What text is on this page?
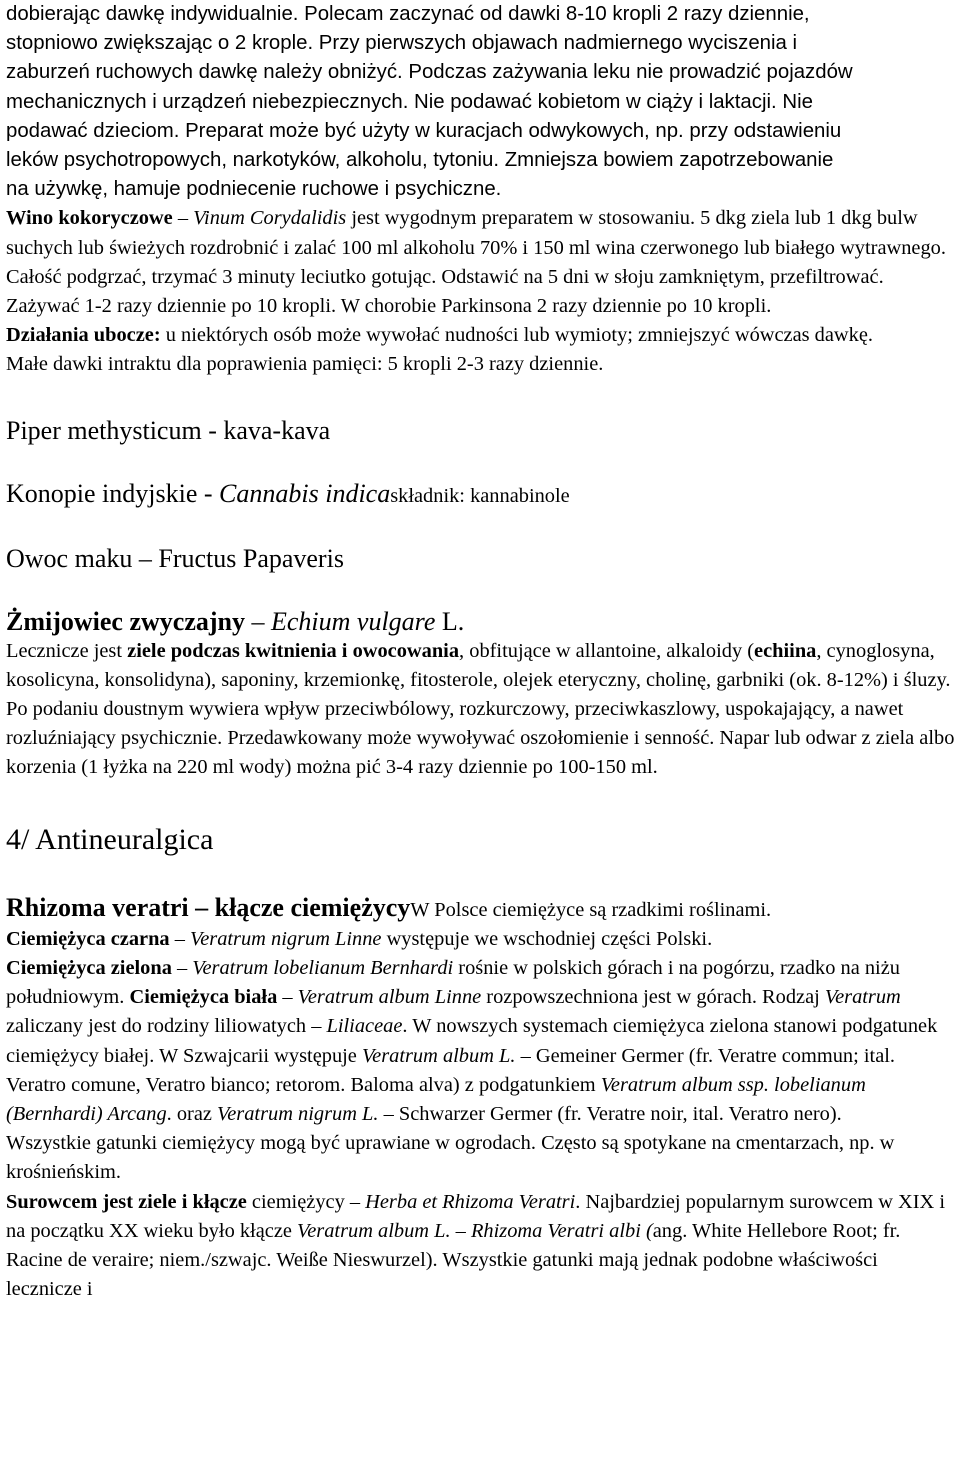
dobierając dawkę indywidualnie. Polecam zaczynać od dawki 8-10 kropli 2 razy dziennie,

stopniowo zwiększając o 2 krople. Przy pierwszych objawach nadmiernego wyciszenia i

zaburzeń ruchowych dawkę należy obniżyć. Podczas zażywania leku nie prowadzić pojazdów

mechanicznych i urządzeń niebezpiecznych. Nie podawać kobietom w ciąży i laktacji. Nie

podawać dzieciom. Preparat może być użyty w kuracjach odwykowych, np. przy odstawieniu

leków psychotropowych, narkotyków, alkoholu, tytoniu. Zmniejsza bowiem zapotrzebowanie

na używkę, hamuje podniecenie ruchowe i psychiczne.

Wino kokoryczowe – Vinum Corydalidis jest wygodnym preparatem w stosowaniu. 5 dkg ziela lub 1 dkg bulw suchych lub świeżych rozdrobnić i zalać 100 ml alkoholu 70% i 150 ml wina czerwonego lub białego wytrawnego. Całość podgrzać, trzymać 3 minuty leciutko gotując. Odstawić na 5 dni w słoju zamkniętym, przefiltrować. Zażywać 1-2 razy dziennie po 10 kropli. W chorobie Parkinsona 2 razy dziennie po 10 kropli.

Działania ubocze: u niektórych osób może wywołać nudności lub wymioty; zmniejszyć wówczas dawkę.

Małe dawki intraktu dla poprawienia pamięci: 5 kropli 2-3 razy dziennie.

Piper methysticum - kava-kava

Konopie indyjskie - Cannabis indicaskładnik: kannabinole

Owoc maku – Fructus Papaveris

Żmijowiec zwyczajny – Echium vulgare L.

Lecznicze jest ziele podczas kwitnienia i owocowania, obfitujące w allantoine, alkaloidy (echiina, cynoglosyna, kosolicyna, konsolidyna), saponiny, krzemionkę, fitosterole, olejek eteryczny, cholinę, garbniki (ok. 8-12%) i śluzy.

Po podaniu doustnym wywiera wpływ przeciwbólowy, rozkurczowy, przeciwkaszlowy, uspokajający, a nawet rozluźniający psychicznie. Przedawkowany może wywoływać oszołomienie i senność. Napar lub odwar z ziela albo korzenia (1 łyżka na 220 ml wody) można pić 3-4 razy dziennie po 100-150 ml.

4/ Antineuralgica

Rhizoma veratri – kłącze ciemiężycyW Polsce ciemiężyce są rzadkimi roślinami.

Ciemiężyca czarna – Veratrum nigrum Linne występuje we wschodniej części Polski.

Ciemiężyca zielona – Veratrum lobelianum Bernhardi rośnie w polskich górach i na pogórzu, rzadko na niżu południowym. Ciemiężyca biała – Veratrum album Linne rozpowszechniona jest w górach. Rodzaj Veratrum zaliczany jest do rodziny liliowatych – Liliaceae. W nowszych systemach ciemiężyca zielona stanowi podgatunek ciemiężycy białej. W Szwajcarii występuje Veratrum album L. – Gemeiner Germer (fr. Veratre commun; ital. Veratro comune, Veratro bianco; retorom. Baloma alva) z podgatunkiem Veratrum album ssp. lobelianum (Bernhardi) Arcang. oraz Veratrum nigrum L. – Schwarzer Germer (fr. Veratre noir, ital. Veratro nero).

Wszystkie gatunki ciemiężycy mogą być uprawiane w ogrodach. Często są spotykane na cmentarzach, np. w krośnieńskim.

Surowcem jest ziele i kłącze ciemiężycy – Herba et Rhizoma Veratri. Najbardziej popularnym surowcem w XIX i na początku XX wieku było kłącze Veratrum album L. – Rhizoma Veratri albi (ang. White Hellebore Root; fr. Racine de veraire; niem./szwajc. Weiße Nieswurzel). Wszystkie gatunki mają jednak podobne właściwości lecznicze i
